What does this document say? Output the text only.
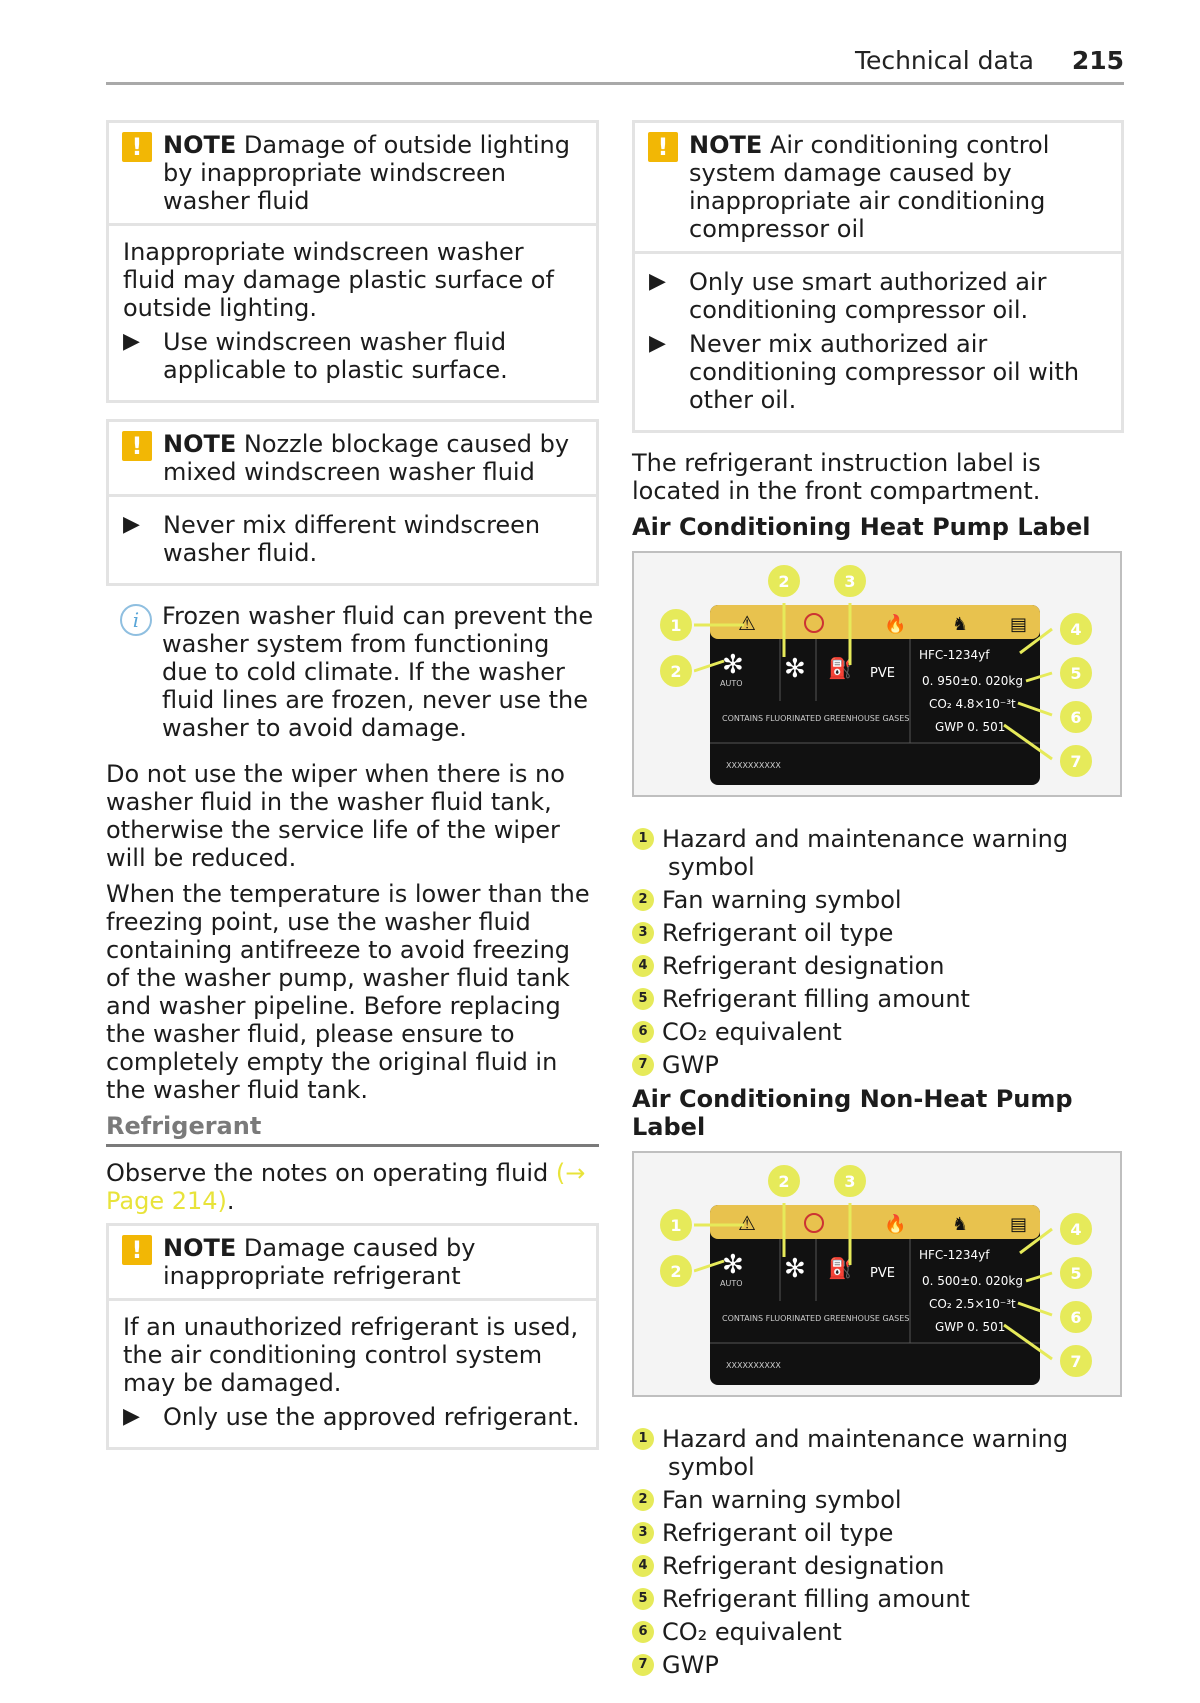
Technical data 215
! NOTE Damage of outside lighting by inappropriate windscreen washer fluid

Inappropriate windscreen washer fluid may damage plastic surface of outside lighting.

▶ Use windscreen washer fluid applicable to plastic surface.
! NOTE Nozzle blockage caused by mixed windscreen washer fluid
▶ Never mix different windscreen washer fluid.
i Frozen washer fluid can prevent the washer system from functioning due to cold climate. If the washer fluid lines are frozen, never use the washer to avoid damage.

Do not use the wiper when there is no washer fluid in the washer fluid tank, otherwise the service life of the wiper will be reduced.

When the temperature is lower than the freezing point, use the washer fluid containing antifreeze to avoid freezing of the washer pump, washer fluid tank and washer pipeline. Before replacing the washer fluid, please ensure to completely empty the original fluid in the washer fluid tank.

Refrigerant

Observe the notes on operating fluid (→ Page 214).

! NOTE Damage caused by inappropriate refrigerant

If an unauthorized refrigerant is used, the air conditioning control system may be damaged.

▶ Only use the approved refrigerant.
! NOTE Air conditioning control system damage caused by inappropriate air conditioning compressor oil
▶ Only use smart authorized air conditioning compressor oil.
▶ Never mix authorized air conditioning compressor oil with other oil.

The refrigerant instruction label is located in the front compartment.

Air Conditioning Heat Pump Label
⚠	🔥	♞ ▤
✻
AUTO ✻ ⛽ PVE
HFC-1234yf
0. 950±0. 020kg
CO₂ 4.8×10⁻³t
GWP 0. 501
CONTAINS FLUORINATED GREENHOUSE GASES
XXXXXXXXXX
1
2
2	3
4
5
6
7
1 Hazard and maintenance warning
symbol
2 Fan warning symbol
3 Refrigerant oil type
4 Refrigerant designation
5 Refrigerant filling amount
6 CO₂ equivalent
7 GWP
Air Conditioning Non-Heat Pump Label
⚠	🔥	♞ ▤
✻
AUTO ✻ ⛽ PVE
HFC-1234yf
0. 500±0. 020kg
CO₂ 2.5×10⁻³t
GWP 0. 501
CONTAINS FLUORINATED GREENHOUSE GASES
XXXXXXXXXX
1
2
2	3
4
5
6
7
1 Hazard and maintenance warning
symbol
2 Fan warning symbol
3 Refrigerant oil type
4 Refrigerant designation
5 Refrigerant filling amount
6 CO₂ equivalent
7 GWP
